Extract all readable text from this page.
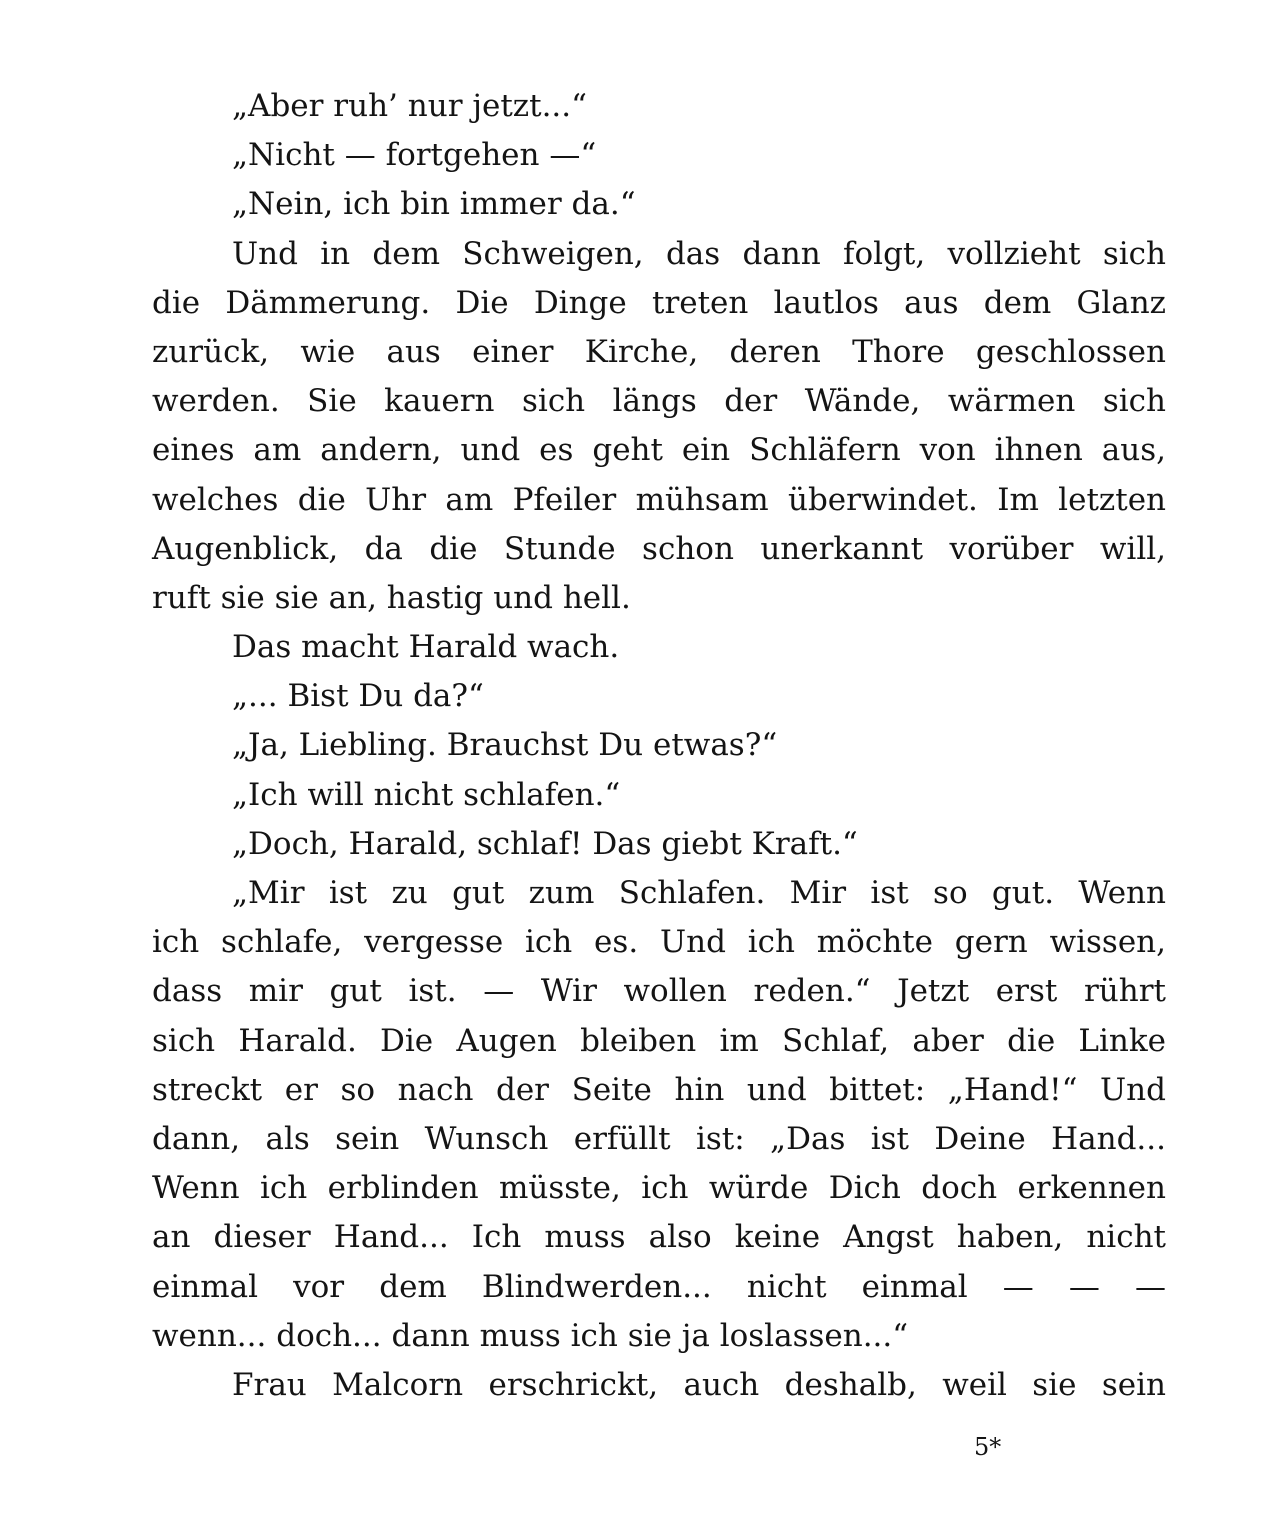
„Aber ruh’ nur jetzt...“
„Nicht — fortgehen —“
„Nein, ich bin immer da.“
Und in dem Schweigen, das dann folgt, vollzieht sich
die Dämmerung. Die Dinge treten lautlos aus dem Glanz
zurück, wie aus einer Kirche, deren Thore geschlossen
werden. Sie kauern sich längs der Wände, wärmen sich
eines am andern, und es geht ein Schläfern von ihnen aus,
welches die Uhr am Pfeiler mühsam überwindet. Im letzten
Augenblick, da die Stunde schon unerkannt vorüber will,
ruft sie sie an, hastig und hell.
Das macht Harald wach.
„... Bist Du da?“
„Ja, Liebling. Brauchst Du etwas?“
„Ich will nicht schlafen.“
„Doch, Harald, schlaf! Das giebt Kraft.“
„Mir ist zu gut zum Schlafen. Mir ist so gut. Wenn
ich schlafe, vergesse ich es. Und ich möchte gern wissen,
dass mir gut ist. — Wir wollen reden.“ Jetzt erst rührt
sich Harald. Die Augen bleiben im Schlaf, aber die Linke
streckt er so nach der Seite hin und bittet: „Hand!“ Und
dann, als sein Wunsch erfüllt ist: „Das ist Deine Hand...
Wenn ich erblinden müsste, ich würde Dich doch erkennen
an dieser Hand... Ich muss also keine Angst haben, nicht
einmal vor dem Blindwerden... nicht einmal — — —
wenn... doch... dann muss ich sie ja loslassen...“
Frau Malcorn erschrickt, auch deshalb, weil sie sein
5*
